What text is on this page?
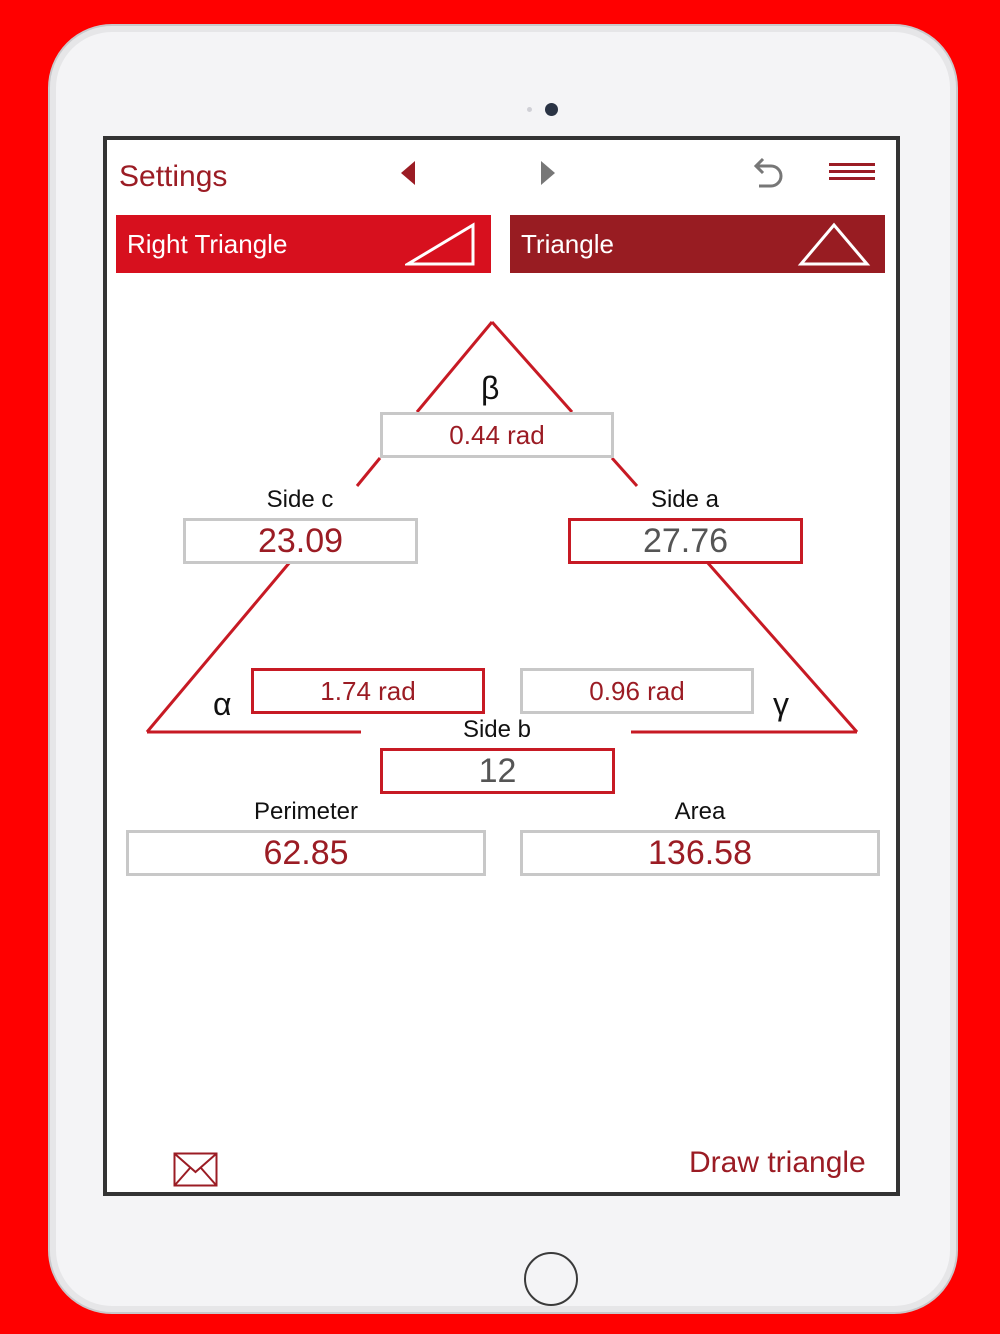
Settings
Right Triangle	Triangle
β
0.44 rad
Side c
23.09
Side a
27.76
α	1.74 rad	0.96 rad	γ
Side b
12
Perimeter
62.85
Area
136.58
Draw triangle
